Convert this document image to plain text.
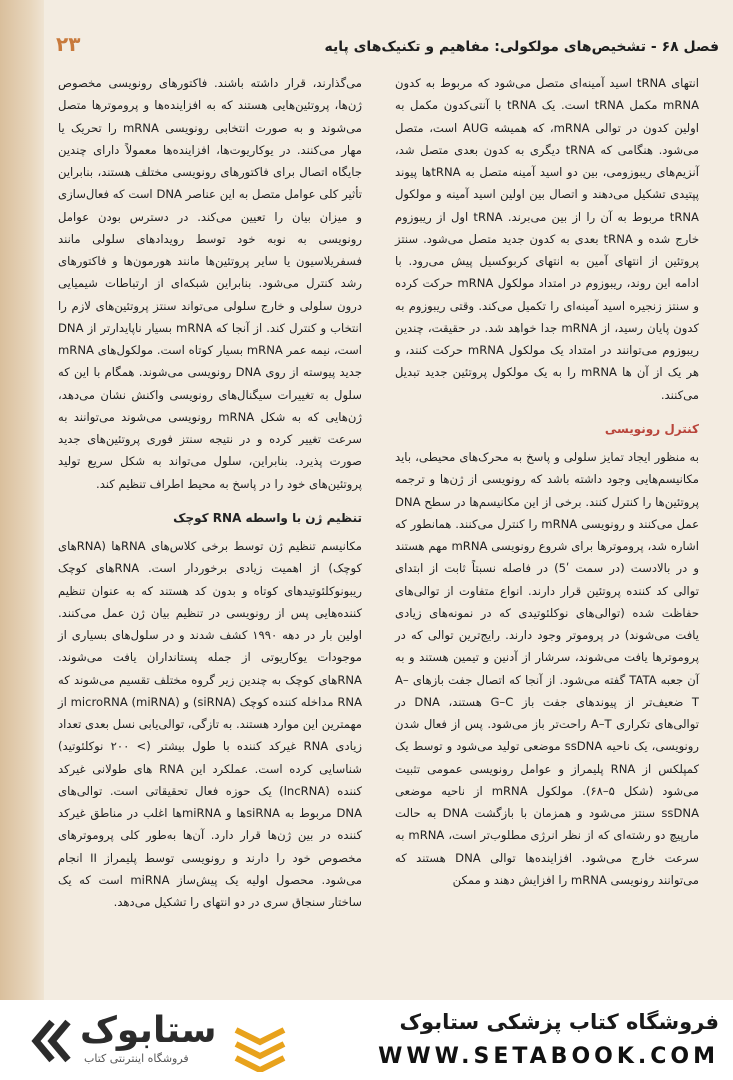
فصل ۶۸ - تشخیص‌های مولکولی: مفاهیم و تکنیک‌های پایه
۲۳

انتهای tRNA اسید آمینه‌ای متصل می‌شود که مربوط به کدون mRNA مکمل tRNA است. یک tRNA با آنتی‌کدون مکمل به اولین کدون در توالی mRNA، که همیشه AUG است، متصل می‌شود. هنگامی که tRNA دیگری به کدون بعدی متصل شد، آنزیم‌های ریبوزومی، بین دو اسید آمینه متصل به tRNAها پیوند پپتیدی تشکیل می‌دهند و اتصال بین اولین اسید آمینه و مولکول tRNA مربوط به آن را از بین می‌برند. tRNA اول از ریبوزوم خارج شده و tRNA بعدی به کدون جدید متصل می‌شود. سنتز پروتئین از انتهای آمین به انتهای کربوکسیل پیش می‌رود. با ادامه این روند، ریبوزوم در امتداد مولکول mRNA حرکت کرده و سنتز زنجیره اسید آمینه‌ای را تکمیل می‌کند. وقتی ریبوزوم به کدون پایان رسید، از mRNA جدا خواهد شد. در حقیقت، چندین ریبوزوم می‌توانند در امتداد یک مولکول mRNA حرکت کنند، و هر یک از آن ها mRNA را به یک مولکول پروتئین جدید تبدیل می‌کنند.

کنترل رونویسی

به منظور ایجاد تمایز سلولی و پاسخ به محرک‌های محیطی، باید مکانیسم‌هایی وجود داشته باشد که رونویسی از ژن‌ها و ترجمه پروتئین‌ها را کنترل کنند. برخی از این مکانیسم‌ها در سطح DNA عمل می‌کنند و رونویسی mRNA را کنترل می‌کنند. همانطور که اشاره شد، پروموترها برای شروع رونویسی mRNA مهم هستند و در بالادست (در سمت ʹ5) در فاصله نسبتاً ثابت از ابتدای توالی کد کننده پروتئین قرار دارند. انواع متفاوت از توالی‌های حفاظت شده (توالی‌های نوکلئوتیدی که در نمونه‌های زیادی یافت می‌شوند) در پروموتر وجود دارند. رایج‌ترین توالی که در پروموترها یافت می‌شوند، سرشار از آدنین و تیمین هستند و به آن جعبه TATA گفته می‌شود. از آنجا که اتصال جفت بازهای A–T ضعیف‌تر از پیوندهای جفت باز G–C هستند، DNA در توالی‌های تکراری A–T راحت‌تر باز می‌شود. پس از فعال شدن رونویسی، یک ناحیه ssDNA موضعی تولید می‌شود و توسط یک کمپلکس از RNA پلیمراز و عوامل رونویسی عمومی تثبیت می‌شود (شکل ۵–۶۸). مولکول mRNA از ناحیه موضعی ssDNA سنتز می‌شود و همزمان با بازگشت DNA به حالت مارپیچ دو رشته‌ای که از نظر انرژی مطلوب‌تر است، mRNA به سرعت خارج می‌شود. افزاینده‌ها توالی DNA هستند که می‌توانند رونویسی mRNA را افزایش دهند و ممکن

می‌گذارند، قرار داشته باشند. فاکتورهای رونویسی مخصوص ژن‌ها، پروتئین‌هایی هستند که به افزاینده‌ها و پروموترها متصل می‌شوند و به صورت انتخابی رونویسی mRNA را تحریک یا مهار می‌کنند. در یوکاریوت‌ها، افزاینده‌ها معمولاً دارای چندین جایگاه اتصال برای فاکتورهای رونویسی مختلف هستند، بنابراین تأثیر کلی عوامل متصل به این عناصر DNA است که فعال‌سازی و میزان بیان را تعیین می‌کند. در دسترس بودن عوامل رونویسی به نوبه خود توسط رویدادهای سلولی مانند فسفریلاسیون یا سایر پروتئین‌ها مانند هورمون‌ها و فاکتورهای رشد کنترل می‌شود. بنابراین شبکه‌ای از ارتباطات شیمیایی درون سلولی و خارج سلولی می‌تواند سنتز پروتئین‌های لازم را انتخاب و کنترل کند. از آنجا که mRNA بسیار ناپایدارتر از DNA است، نیمه عمر mRNA بسیار کوتاه است. مولکول‌های mRNA جدید پیوسته از روی DNA رونویسی می‌شوند. همگام با این که سلول به تغییرات سیگنال‌های رونویسی واکنش نشان می‌دهد، ژن‌هایی که به شکل mRNA رونویسی می‌شوند می‌توانند به سرعت تغییر کرده و در نتیجه سنتز فوری پروتئین‌های جدید صورت پذیرد. بنابراین، سلول می‌تواند به شکل سریع تولید پروتئین‌های خود را در پاسخ به محیط اطراف تنظیم کند.

تنظیم ژن با واسطه RNA کوچک

مکانیسم تنظیم ژن توسط برخی کلاس‌های RNAها (RNAهای کوچک) از اهمیت زیادی برخوردار است. RNAهای کوچک ریبونوکلئوتیدهای کوتاه و بدون کد هستند که به عنوان تنظیم کننده‌هایی پس از رونویسی در تنظیم بیان ژن عمل می‌کنند. اولین بار در دهه ۱۹۹۰ کشف شدند و در سلول‌های بسیاری از موجودات یوکاریوتی از جمله پستانداران یافت می‌شوند. RNAهای کوچک به چندین زیر گروه مختلف تقسیم می‌شوند که RNA مداخله کننده کوچک (siRNA) و microRNA (miRNA) از مهمترین این موارد هستند. به تازگی، توالی‌یابی نسل بعدی تعداد زیادی RNA غیرکد کننده با طول بیشتر (> ۲۰۰ نوکلئوتید) شناسایی کرده است. عملکرد این RNA های طولانی غیرکد کننده (lncRNA) یک حوزه فعال تحقیقاتی است. توالی‌های DNA مربوط به siRNAها و miRNAها اغلب در مناطق غیرکد کننده در بین ژن‌ها قرار دارد. آن‌ها به‌طور کلی پروموترهای مخصوص خود را دارند و رونویسی توسط پلیمراز II انجام می‌شود. محصول اولیه یک پیش‌ساز miRNA است که یک ساختار سنجاق سری در دو انتهای را تشکیل می‌دهد.

ستابوک
فروشگاه اینترنتی کتاب
فروشگاه کتاب پزشکی ستابوک
WWW.SETABOOK.COM
